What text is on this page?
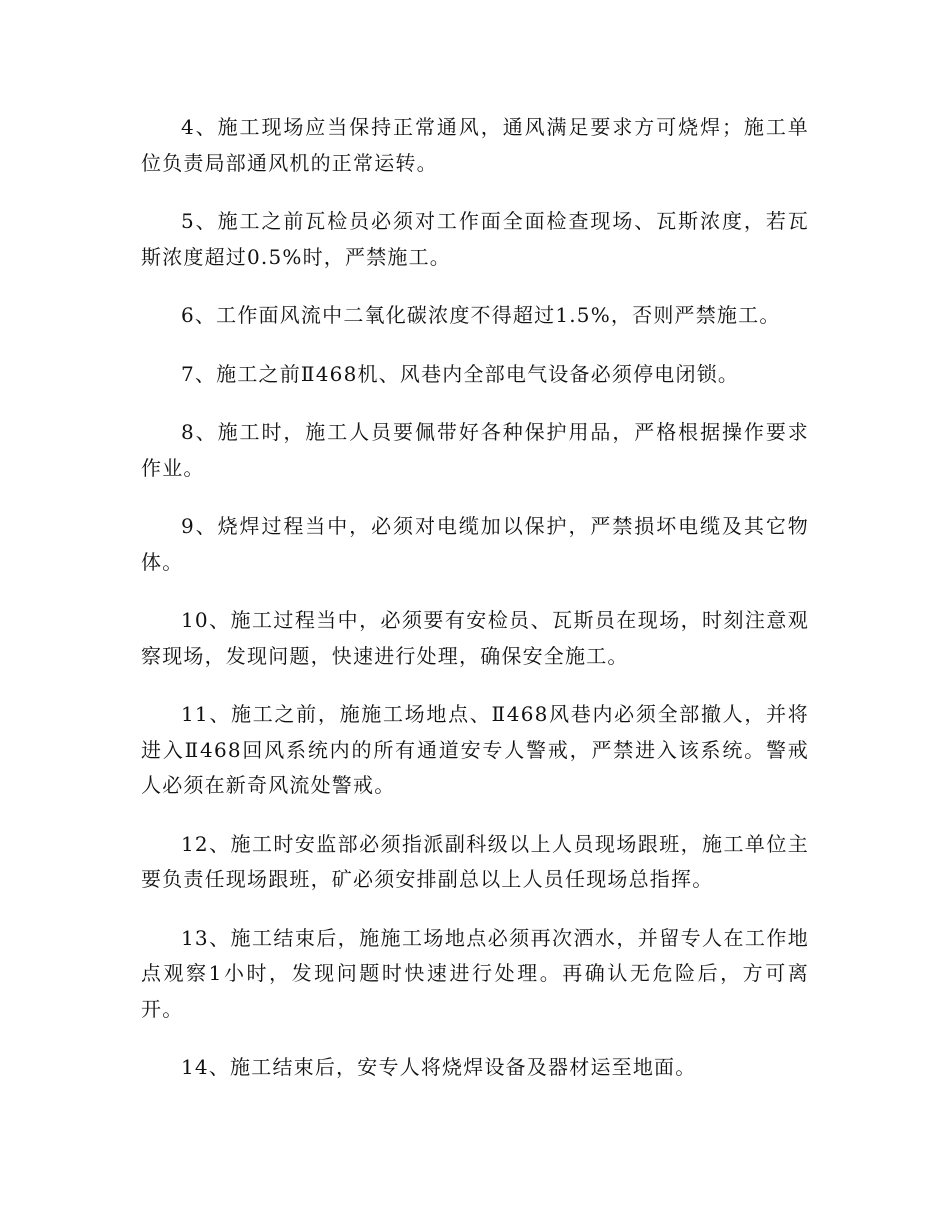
4、施工现场应当保持正常通风，通风满足要求方可烧焊；施工单位负责局部通风机的正常运转。

5、施工之前瓦检员必须对工作面全面检查现场、瓦斯浓度，若瓦斯浓度超过0.5%时，严禁施工。

6、工作面风流中二氧化碳浓度不得超过1.5%，否则严禁施工。

7、施工之前Ⅱ468机、风巷内全部电气设备必须停电闭锁。

8、施工时，施工人员要佩带好各种保护用品，严格根据操作要求作业。

9、烧焊过程当中，必须对电缆加以保护，严禁损坏电缆及其它物体。

10、施工过程当中，必须要有安检员、瓦斯员在现场，时刻注意观察现场，发现问题，快速进行处理，确保安全施工。

11、施工之前，施施工场地点、Ⅱ468风巷内必须全部撤人，并将进入Ⅱ468回风系统内的所有通道安专人警戒，严禁进入该系统。警戒人必须在新奇风流处警戒。

12、施工时安监部必须指派副科级以上人员现场跟班，施工单位主要负责任现场跟班，矿必须安排副总以上人员任现场总指挥。

13、施工结束后，施施工场地点必须再次洒水，并留专人在工作地点观察1小时，发现问题时快速进行处理。再确认无危险后，方可离开。

14、施工结束后，安专人将烧焊设备及器材运至地面。
